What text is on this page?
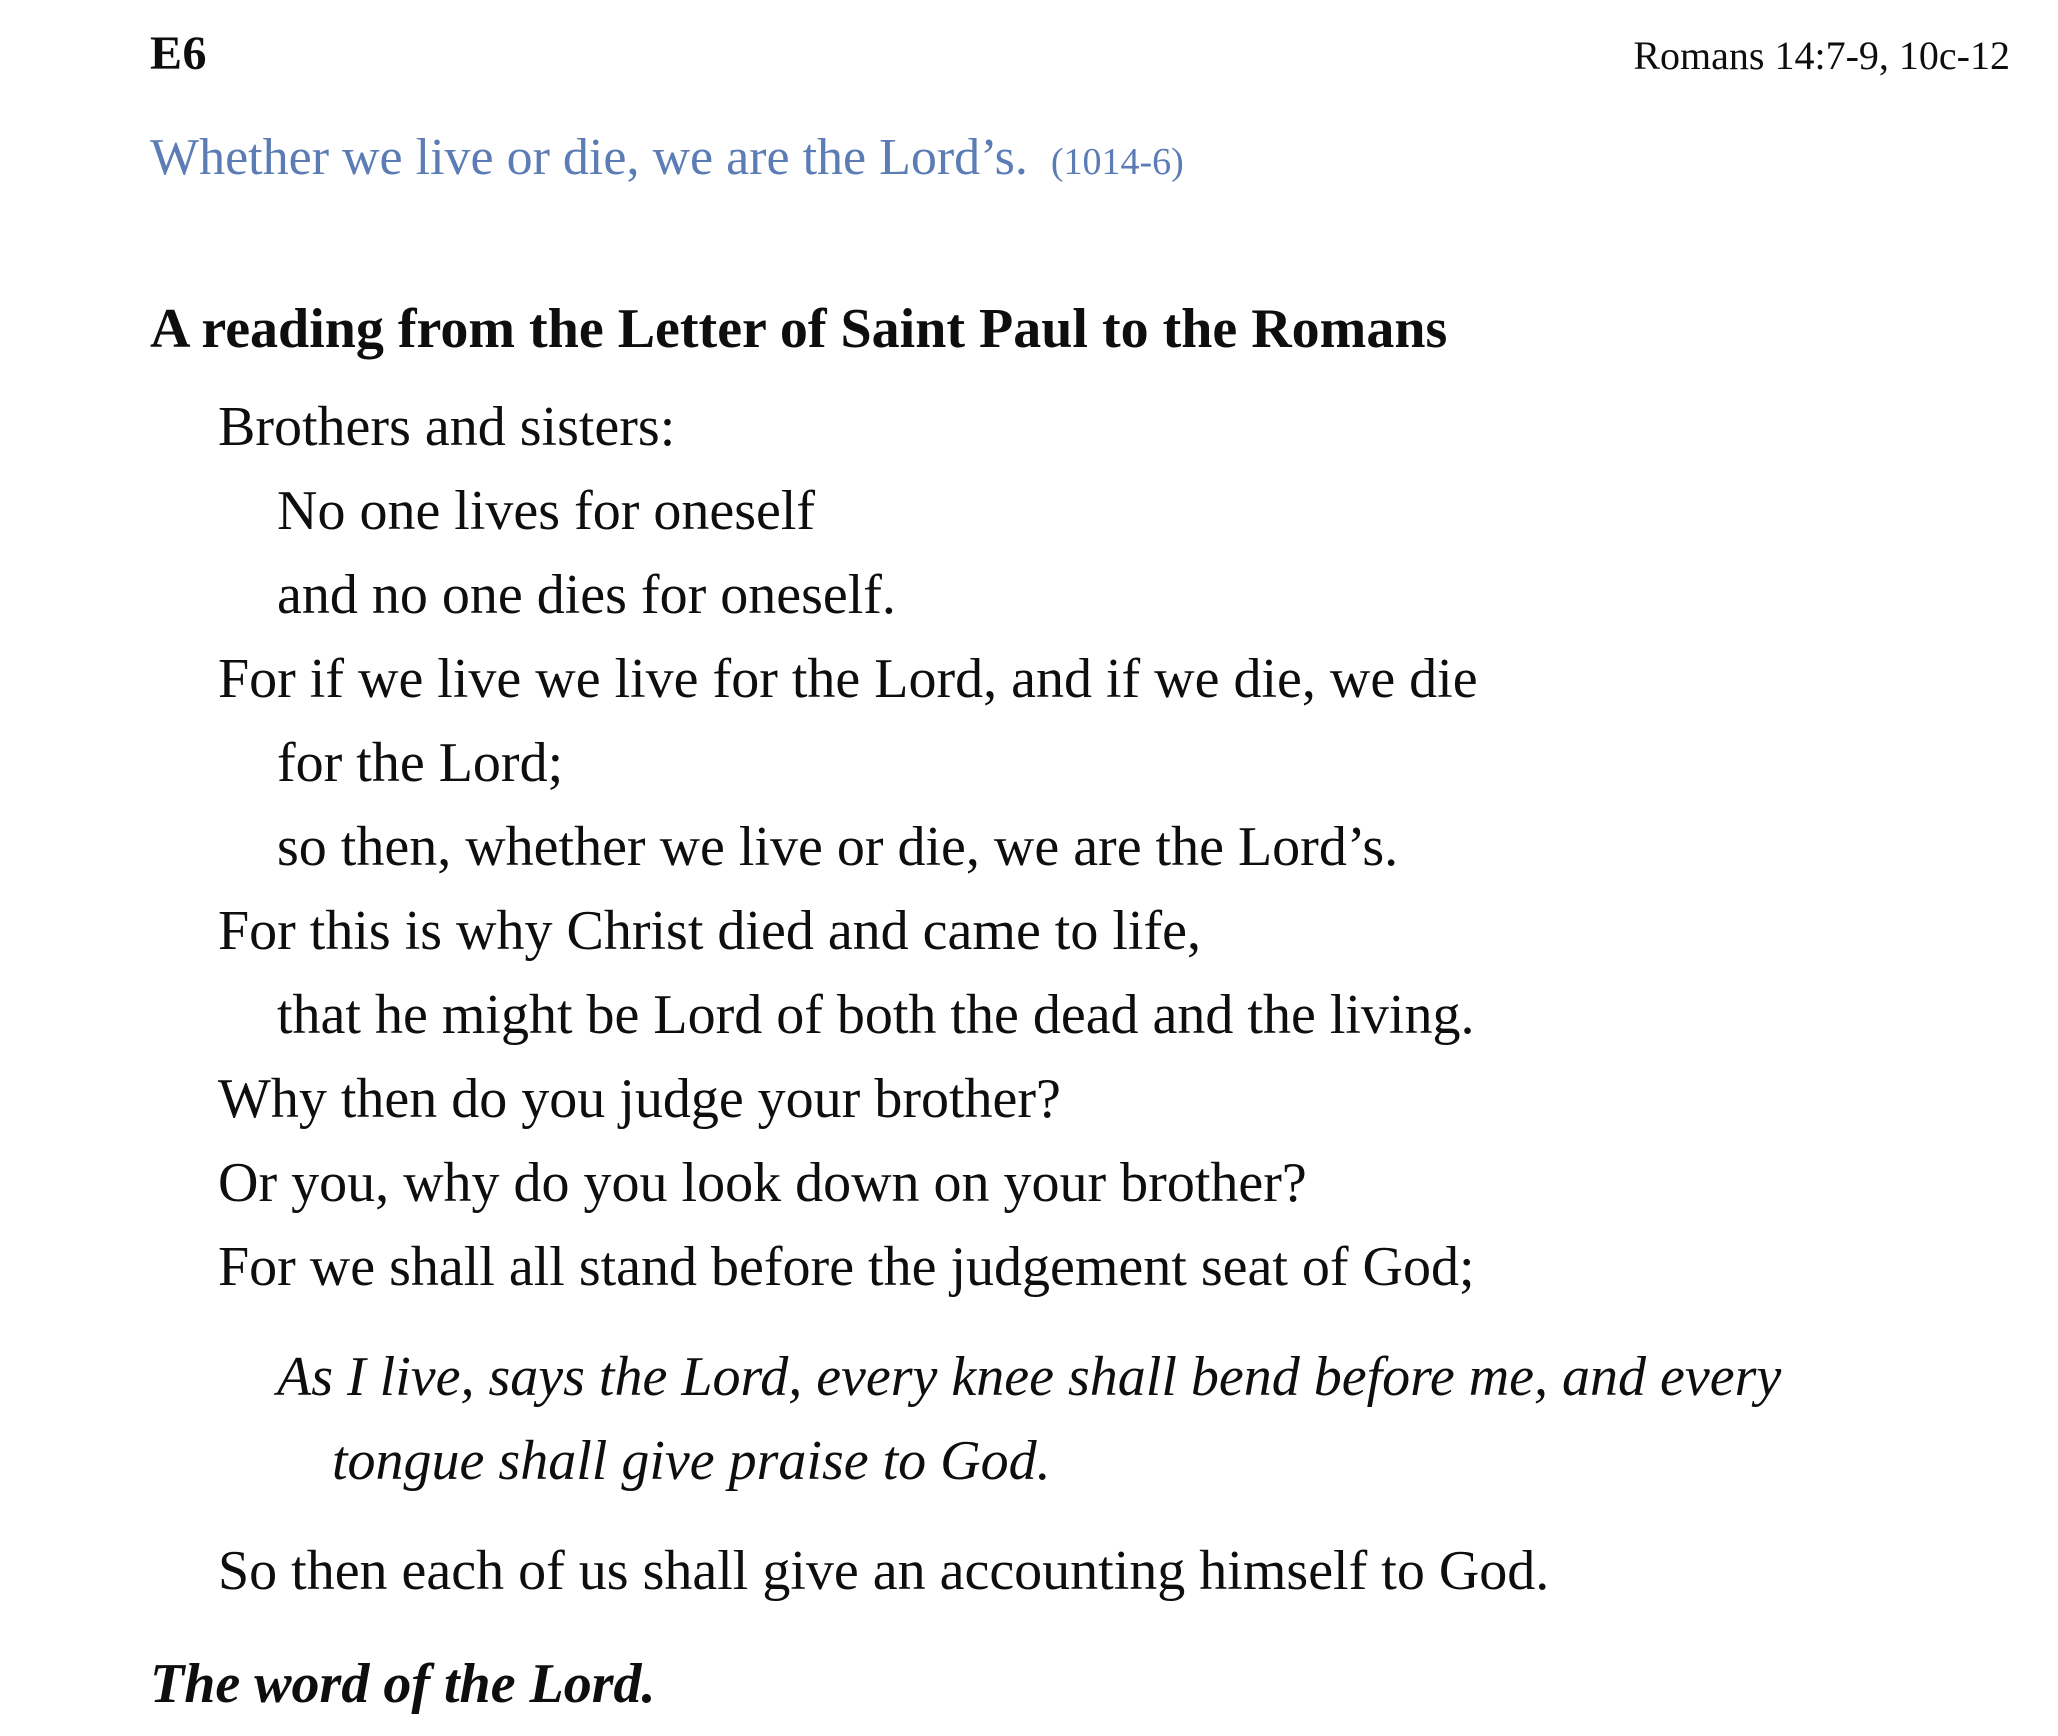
E6	Romans 14:7-9, 10c-12
Whether we live or die, we are the Lord’s. (1014-6)
A reading from the Letter of Saint Paul to the Romans
Brothers and sisters:
No one lives for oneself
and no one dies for oneself.
For if we live we live for the Lord, and if we die, we die
for the Lord;
so then, whether we live or die, we are the Lord’s.
For this is why Christ died and came to life,
that he might be Lord of both the dead and the living.
Why then do you judge your brother?
Or you, why do you look down on your brother?
For we shall all stand before the judgement seat of God;
As I live, says the Lord, every knee shall bend before me, and every
tongue shall give praise to God.
So then each of us shall give an accounting himself to God.
The word of the Lord.
